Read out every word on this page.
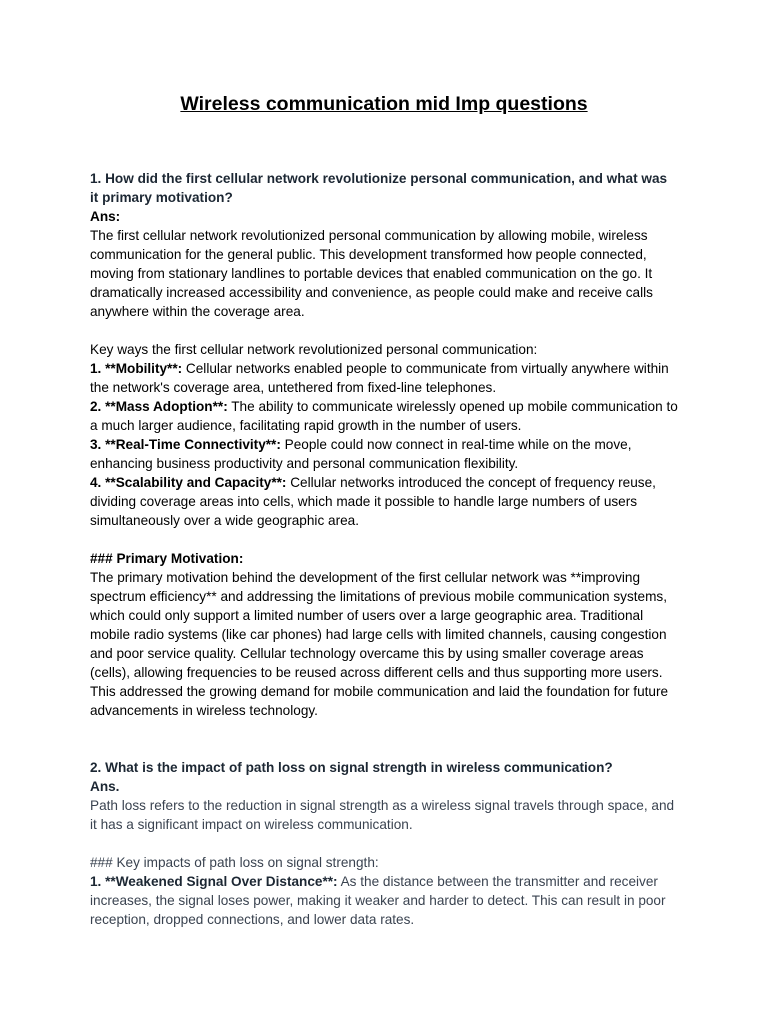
Wireless communication mid Imp questions

1. How did the first cellular network revolutionize personal communication, and what was it primary motivation?

Ans:

The first cellular network revolutionized personal communication by allowing mobile, wireless communication for the general public. This development transformed how people connected, moving from stationary landlines to portable devices that enabled communication on the go. It dramatically increased accessibility and convenience, as people could make and receive calls anywhere within the coverage area.

Key ways the first cellular network revolutionized personal communication:

1. **Mobility**: Cellular networks enabled people to communicate from virtually anywhere within the network's coverage area, untethered from fixed-line telephones.

2. **Mass Adoption**: The ability to communicate wirelessly opened up mobile communication to a much larger audience, facilitating rapid growth in the number of users.

3. **Real-Time Connectivity**: People could now connect in real-time while on the move, enhancing business productivity and personal communication flexibility.

4. **Scalability and Capacity**: Cellular networks introduced the concept of frequency reuse, dividing coverage areas into cells, which made it possible to handle large numbers of users simultaneously over a wide geographic area.

### Primary Motivation:

The primary motivation behind the development of the first cellular network was **improving spectrum efficiency** and addressing the limitations of previous mobile communication systems, which could only support a limited number of users over a large geographic area. Traditional mobile radio systems (like car phones) had large cells with limited channels, causing congestion and poor service quality. Cellular technology overcame this by using smaller coverage areas (cells), allowing frequencies to be reused across different cells and thus supporting more users. This addressed the growing demand for mobile communication and laid the foundation for future advancements in wireless technology.

2. What is the impact of path loss on signal strength in wireless communication?

Ans.

Path loss refers to the reduction in signal strength as a wireless signal travels through space, and it has a significant impact on wireless communication.

### Key impacts of path loss on signal strength:

1. **Weakened Signal Over Distance**: As the distance between the transmitter and receiver increases, the signal loses power, making it weaker and harder to detect. This can result in poor reception, dropped connections, and lower data rates.
